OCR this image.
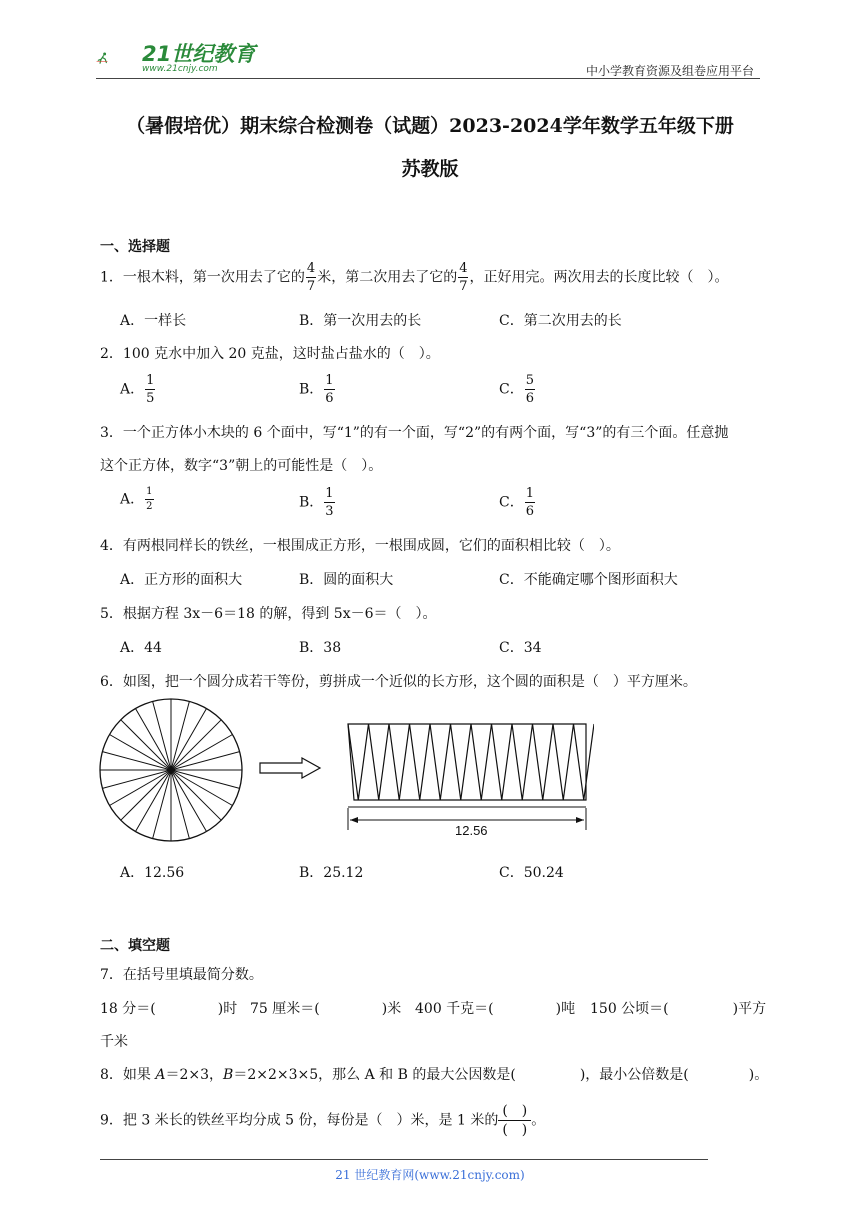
21世纪教育
www.21cnjy.com	中小学教育资源及组卷应用平台
（暑假培优）期末综合检测卷（试题）2023-2024学年数学五年级下册
苏教版
一、选择题
1．一根木料，第一次用去了它的 $\frac{4}{7}$ 米，第二次用去了它的 $\frac{4}{7}$ ，正好用完。两次用去的长度比较（　）。
A．一样长	B．第一次用去的长	C．第二次用去的长
2．100 克水中加入 20 克盐，这时盐占盐水的（　）。
A． $\frac{1}{5}$	B． $\frac{1}{6}$	C． $\frac{5}{6}$
3．一个正方体小木块的 6 个面中，写“1”的有一个面，写“2”的有两个面，写“3”的有三个面。任意抛
这个正方体，数字“3”朝上的可能性是（　）。
A． $\frac{1}{2}$	B． $\frac{1}{3}$	C． $\frac{1}{6}$
4．有两根同样长的铁丝，一根围成正方形，一根围成圆，它们的面积相比较（　）。
A．正方形的面积大	B．圆的面积大	C．不能确定哪个图形面积大
5．根据方程 3x－6＝18 的解，得到 5x－6＝（　）。
A．44	B．38	C．34
6．如图，把一个圆分成若干等份，剪拼成一个近似的长方形，这个圆的面积是（　）平方厘米。
12.56
A．12.56	B．25.12	C．50.24
二、填空题
7．在括号里填最简分数。
18 分＝(	)时 75 厘米＝(	)米 400 千克＝(	)吨 150 公顷＝(	)平方
千米
8．如果 A＝2×3，B＝2×2×3×5，那么 A 和 B 的最大公因数是(	)，最小公倍数是(	)。
9．把 3 米长的铁丝平均分成 5 份，每份是（　）米，是 1 米的 $\frac{( )}{( )}$ 。
21 世纪教育网(www.21cnjy.com)
